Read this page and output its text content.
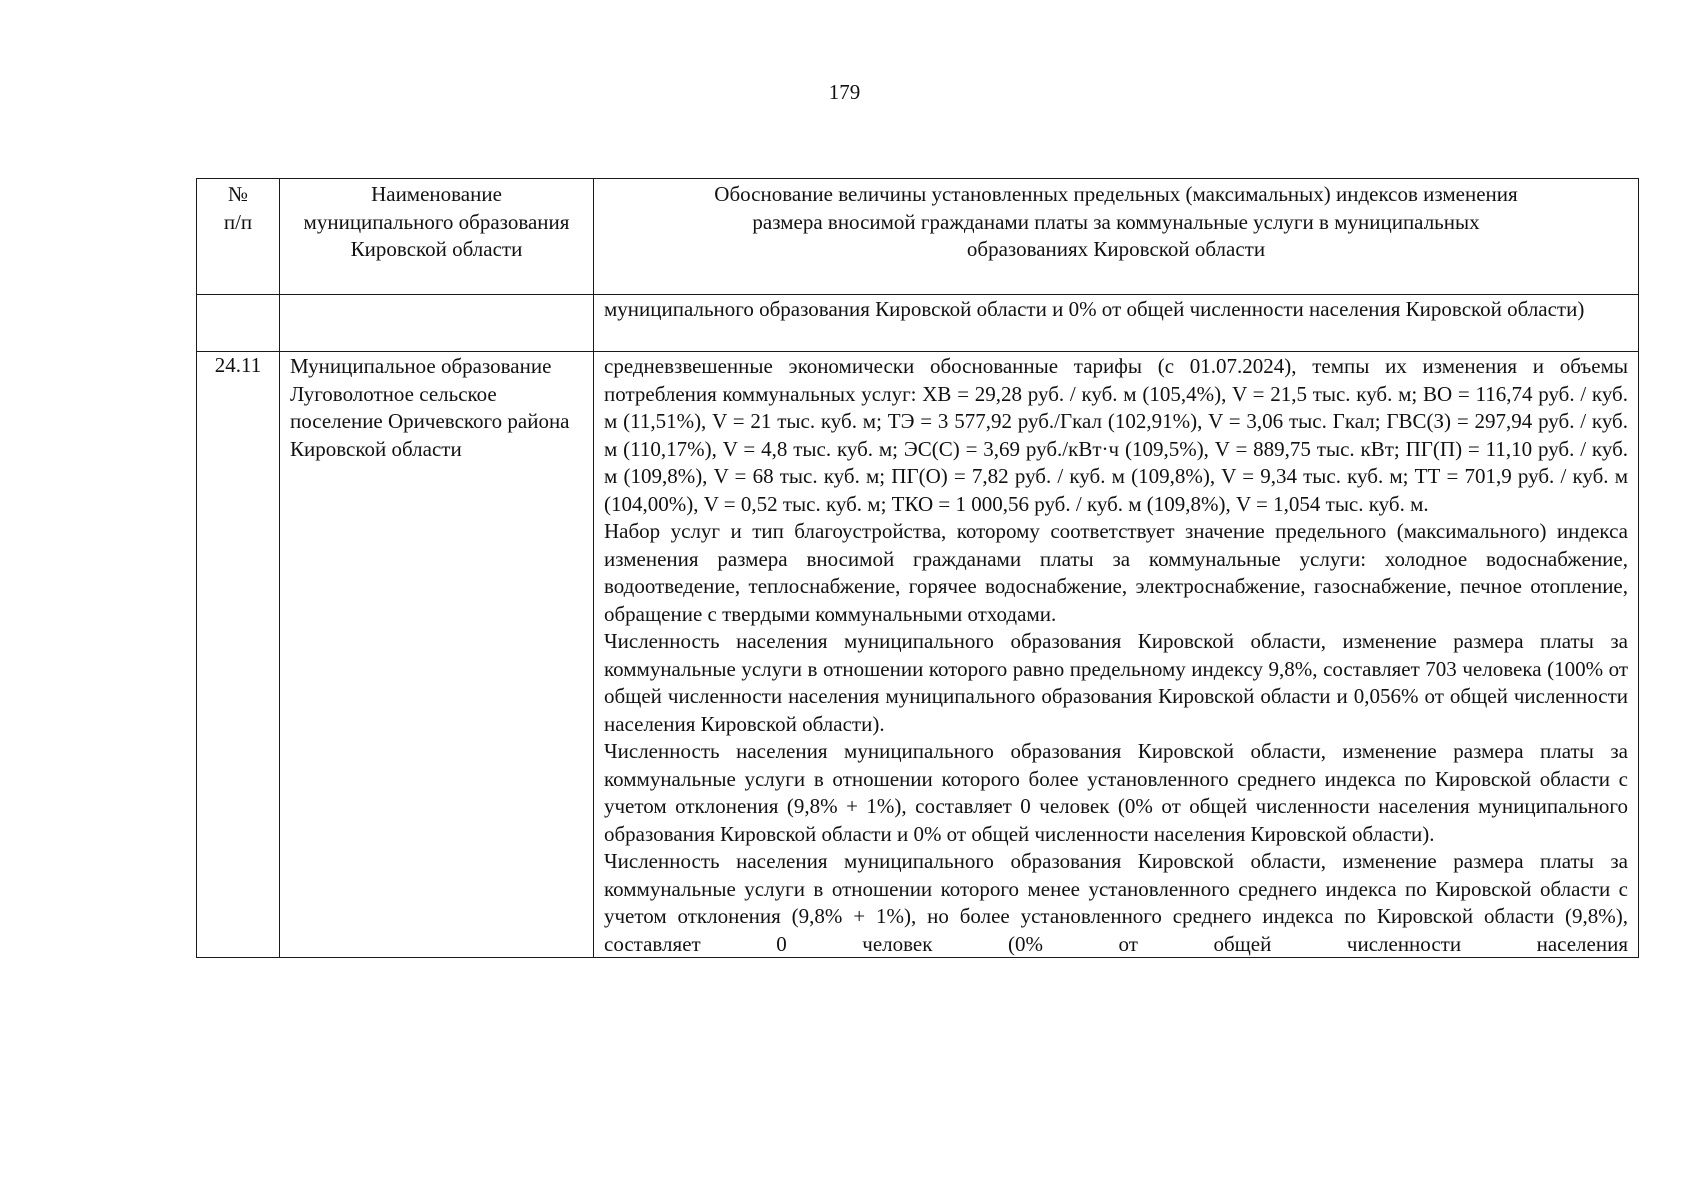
179
№ п/п	Наименование муниципального образования Кировской области	Обоснование величины установленных предельных (максимальных) индексов изменения размера вносимой гражданами платы за коммунальные услуги в муниципальных образованиях Кировской области

		муниципального образования Кировской области и 0% от общей численности населения Кировской области)

24.11	Муниципальное образование Луговолотное сельское поселение Оричевского района Кировской области	средневзвешенные экономически обоснованные тарифы (с 01.07.2024), темпы их изменения и объемы потребления коммунальных услуг: ХВ = 29,28 руб. / куб. м (105,4%), V = 21,5 тыс. куб. м; ВО = 116,74 руб. / куб. м (11,51%), V = 21 тыс. куб. м; ТЭ = 3 577,92 руб./Гкал (102,91%), V = 3,06 тыс. Гкал; ГВС(З) = 297,94 руб. / куб. м (110,17%), V = 4,8 тыс. куб. м; ЭС(С) = 3,69 руб./кВт·ч (109,5%), V = 889,75 тыс. кВт; ПГ(П) = 11,10 руб. / куб. м (109,8%), V = 68 тыс. куб. м; ПГ(О) = 7,82 руб. / куб. м (109,8%), V = 9,34 тыс. куб. м; ТТ = 701,9 руб. / куб. м (104,00%), V = 0,52 тыс. куб. м; ТКО = 1 000,56 руб. / куб. м (109,8%), V = 1,054 тыс. куб. м.

Набор услуг и тип благоустройства, которому соответствует значение предельного (максимального) индекса изменения размера вносимой гражданами платы за коммунальные услуги: холодное водоснабжение, водоотведение, теплоснабжение, горячее водоснабжение, электроснабжение, газоснабжение, печное отопление, обращение с твердыми коммунальными отходами.

Численность населения муниципального образования Кировской области, изменение размера платы за коммунальные услуги в отношении которого равно предельному индексу 9,8%, составляет 703 человека (100% от общей численности населения муниципального образования Кировской области и 0,056% от общей численности населения Кировской области).

Численность населения муниципального образования Кировской области, изменение размера платы за коммунальные услуги в отношении которого более установленного среднего индекса по Кировской области с учетом отклонения (9,8% + 1%), составляет 0 человек (0% от общей численности населения муниципального образования Кировской области и 0% от общей численности населения Кировской области).

Численность населения муниципального образования Кировской области, изменение размера платы за коммунальные услуги в отношении которого менее установленного среднего индекса по Кировской области с учетом отклонения (9,8% + 1%), но более установленного среднего индекса по Кировской области (9,8%), составляет 0 человек (0% от общей численности населения
